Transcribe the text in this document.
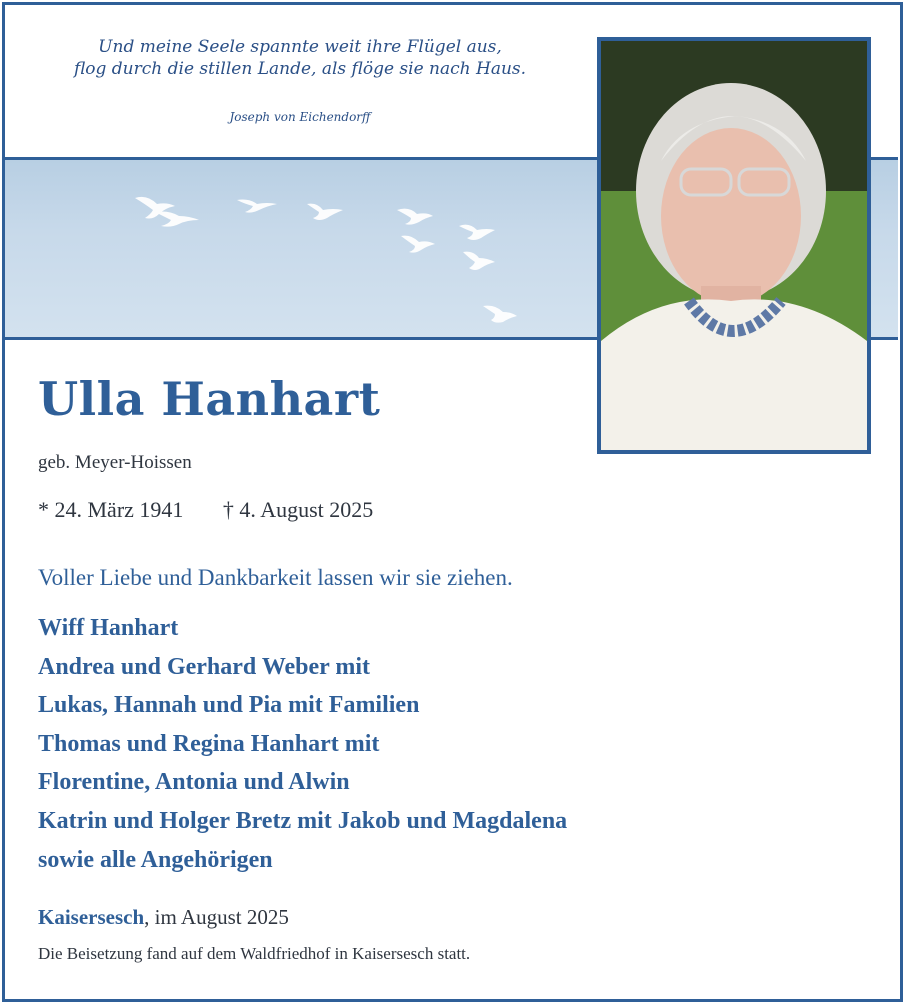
Und meine Seele spannte weit ihre Flügel aus,
flog durch die stillen Lande, als flöge sie nach Haus.
Joseph von Eichendorff
Ulla Hanhart
geb. Meyer-Hoissen
* 24. März 1941 † 4. August 2025
Voller Liebe und Dankbarkeit lassen wir sie ziehen.
Wiff Hanhart
Andrea und Gerhard Weber mit
Lukas, Hannah und Pia mit Familien
Thomas und Regina Hanhart mit
Florentine, Antonia und Alwin
Katrin und Holger Bretz mit Jakob und Magdalena
sowie alle Angehörigen
Kaisersesch, im August 2025
Die Beisetzung fand auf dem Waldfriedhof in Kaisersesch statt.
